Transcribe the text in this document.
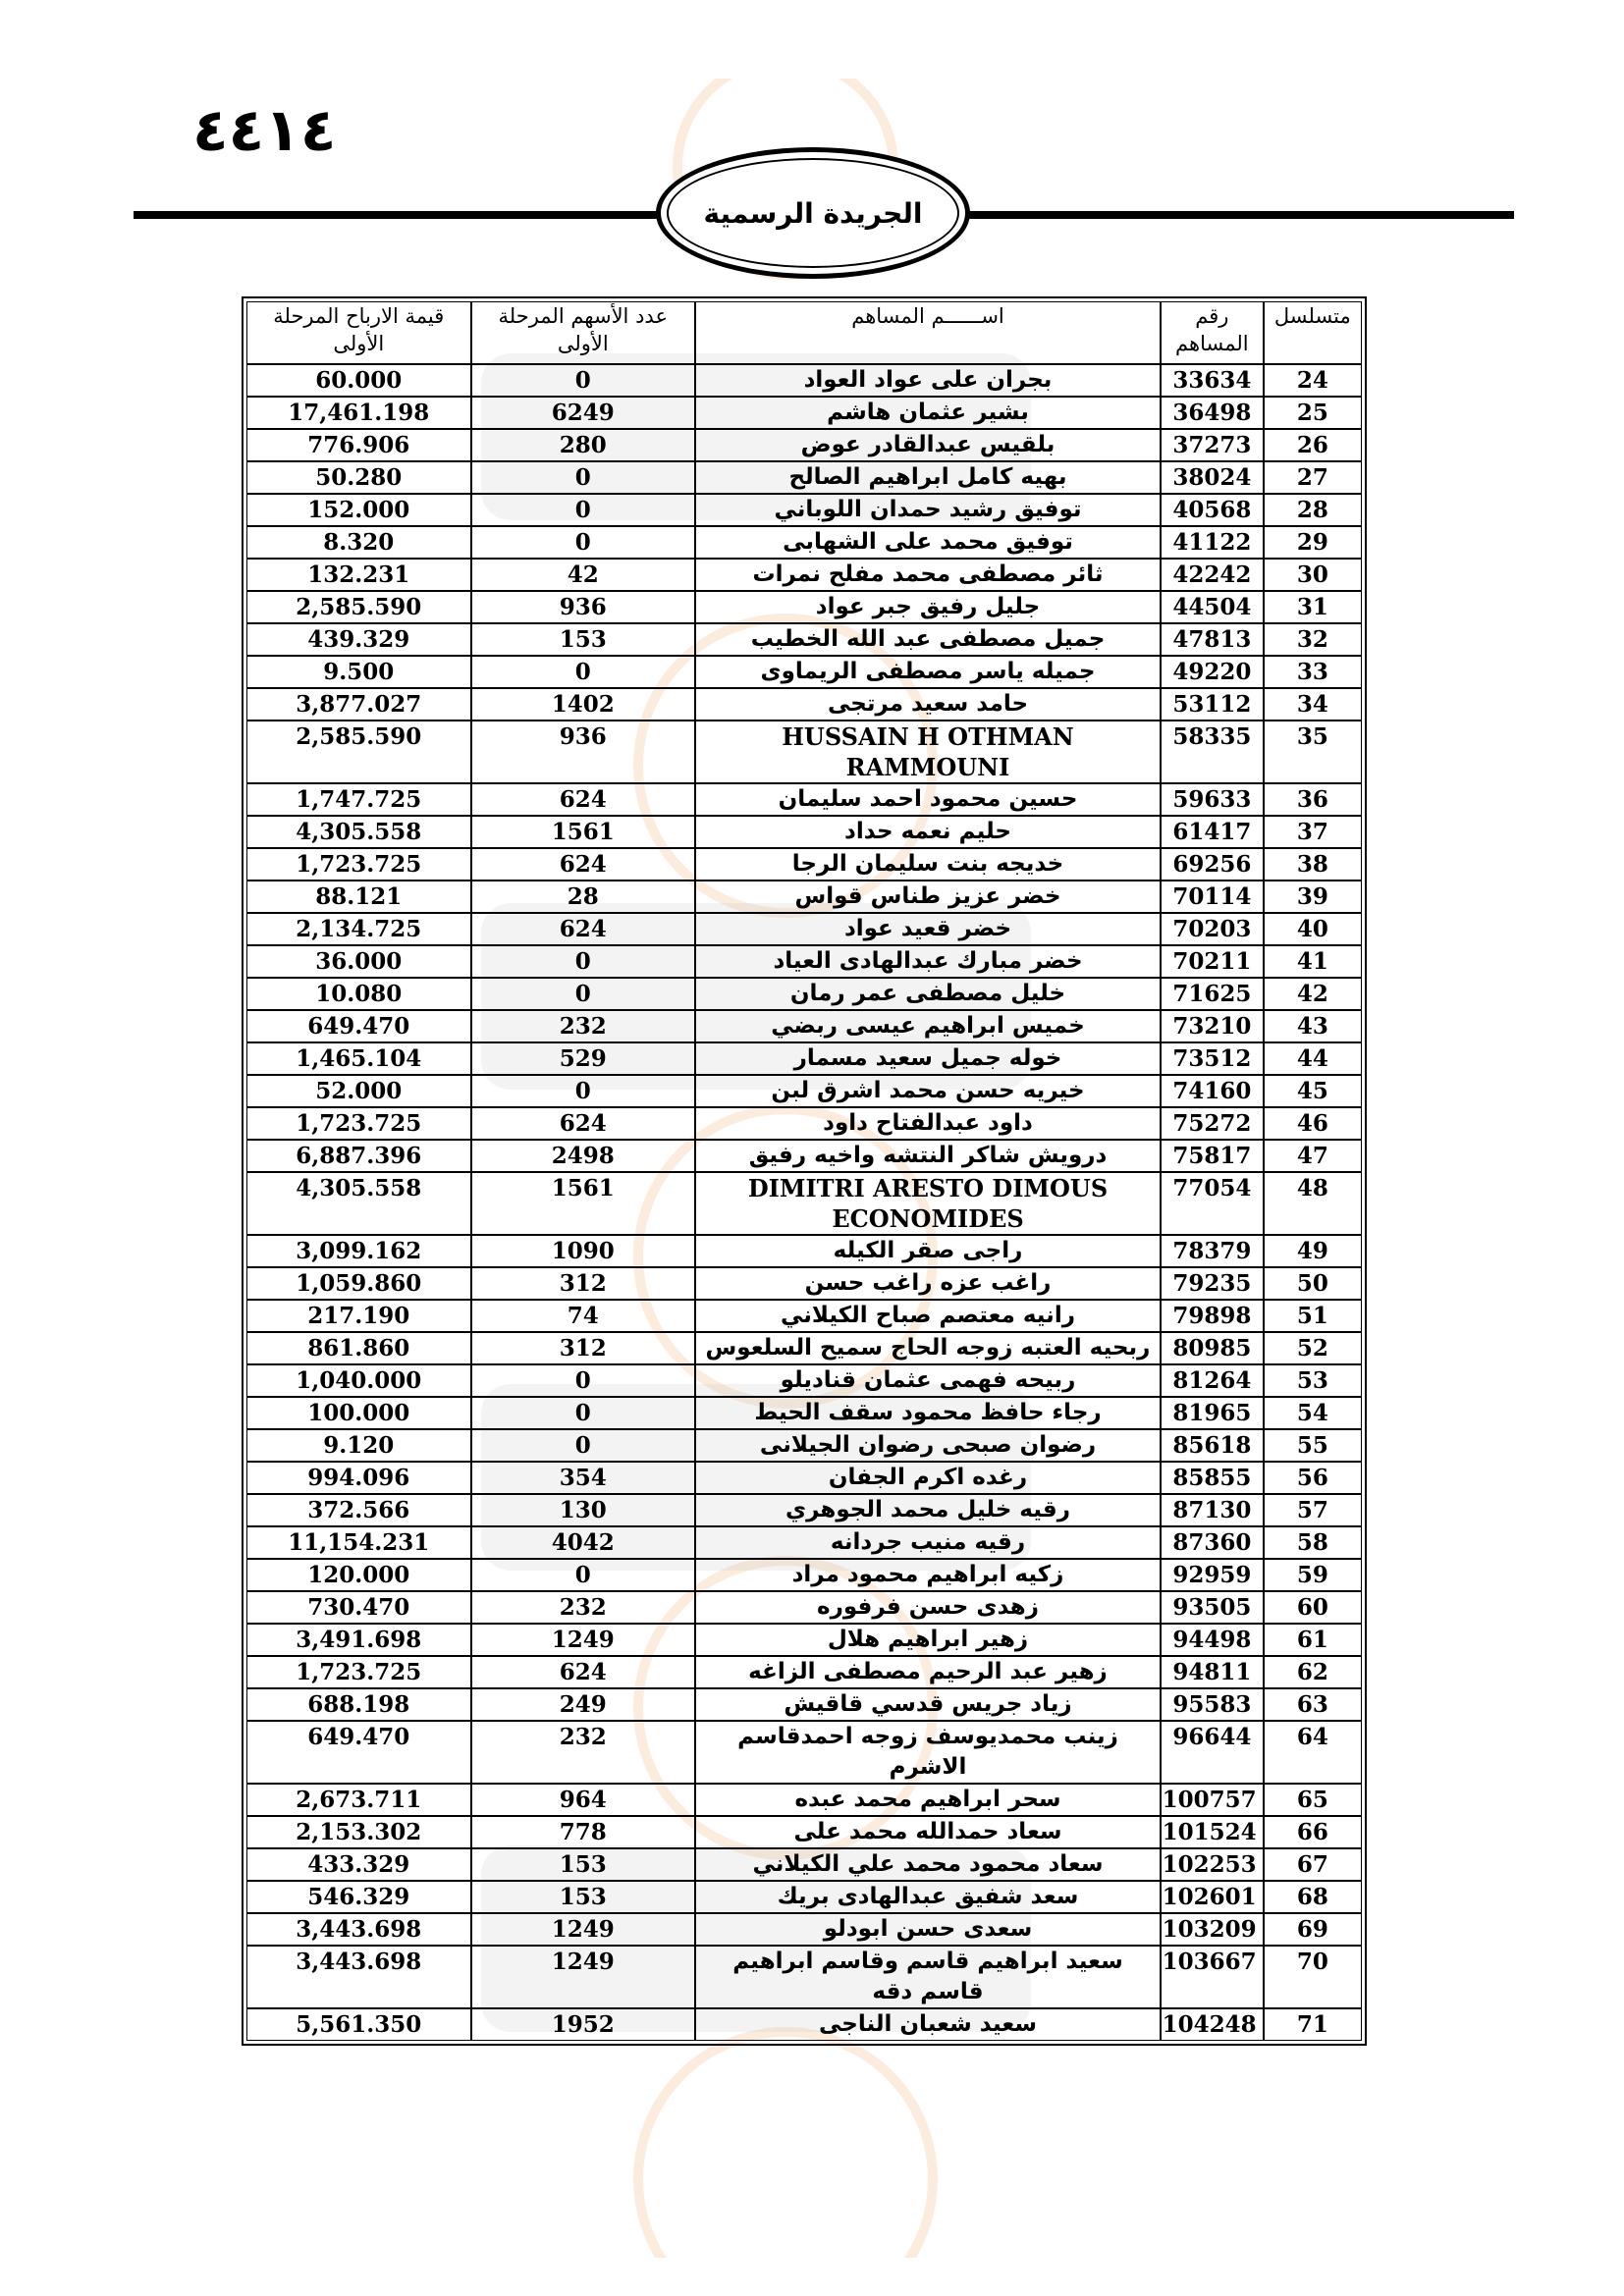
٤٤١٤
الجريدة الرسمية
متسلسل	رقم المساهم	اســــــم المساهم	عدد الأسهم المرحلة الأولى	قيمة الارباح المرحلة الأولى
24	33634	بجران على عواد العواد	0	60.000
25	36498	بشير عثمان هاشم	6249	17,461.198
26	37273	بلقيس عبدالقادر عوض	280	776.906
27	38024	بهيه كامل ابراهيم الصالح	0	50.280
28	40568	توفيق رشيد حمدان اللوباني	0	152.000
29	41122	توفيق محمد على الشهابى	0	8.320
30	42242	ثائر مصطفى محمد مفلح نمرات	42	132.231
31	44504	جليل رفيق جبر عواد	936	2,585.590
32	47813	جميل مصطفى عبد الله الخطيب	153	439.329
33	49220	جميله ياسر مصطفى الريماوى	0	9.500
34	53112	حامد سعيد مرتجى	1402	3,877.027
35	58335	HUSSAIN H OTHMAN RAMMOUNI	936	2,585.590
36	59633	حسين محمود احمد سليمان	624	1,747.725
37	61417	حليم نعمه حداد	1561	4,305.558
38	69256	خديجه بنت سليمان الرجا	624	1,723.725
39	70114	خضر عزيز طناس قواس	28	88.121
40	70203	خضر قعيد عواد	624	2,134.725
41	70211	خضر مبارك عبدالهادى العياد	0	36.000
42	71625	خليل مصطفى عمر رمان	0	10.080
43	73210	خميس ابراهيم عيسى ربضي	232	649.470
44	73512	خوله جميل سعيد مسمار	529	1,465.104
45	74160	خيريه حسن محمد اشرق لبن	0	52.000
46	75272	داود عبدالفتاح داود	624	1,723.725
47	75817	درويش شاكر النتشه واخيه رفيق	2498	6,887.396
48	77054	DIMITRI ARESTO DIMOUS ECONOMIDES	1561	4,305.558
49	78379	راجى صقر الكيله	1090	3,099.162
50	79235	راغب عزه راغب حسن	312	1,059.860
51	79898	رانيه معتصم صباح الكيلاني	74	217.190
52	80985	ربحيه العتبه زوجه الحاج سميح السلعوس	312	861.860
53	81264	ربيحه فهمى عثمان قناديلو	0	1,040.000
54	81965	رجاء حافظ محمود سقف الحيط	0	100.000
55	85618	رضوان صبحى رضوان الجيلانى	0	9.120
56	85855	رغده اكرم الجفان	354	994.096
57	87130	رقيه خليل محمد الجوهري	130	372.566
58	87360	رقيه منيب جردانه	4042	11,154.231
59	92959	زكيه ابراهيم محمود مراد	0	120.000
60	93505	زهدى حسن فرفوره	232	730.470
61	94498	زهير ابراهيم هلال	1249	3,491.698
62	94811	زهير عبد الرحيم مصطفى الزاغه	624	1,723.725
63	95583	زياد جريس قدسي قاقيش	249	688.198
64	96644	زينب محمديوسف زوجه احمدقاسم الاشرم	232	649.470
65	100757	سحر ابراهيم محمد عبده	964	2,673.711
66	101524	سعاد حمدالله محمد على	778	2,153.302
67	102253	سعاد محمود محمد علي الكيلاني	153	433.329
68	102601	سعد شفيق عبدالهادى بريك	153	546.329
69	103209	سعدى حسن ابودلو	1249	3,443.698
70	103667	سعيد ابراهيم قاسم وقاسم ابراهيم قاسم دقه	1249	3,443.698
71	104248	سعيد شعبان الناجى	1952	5,561.350
